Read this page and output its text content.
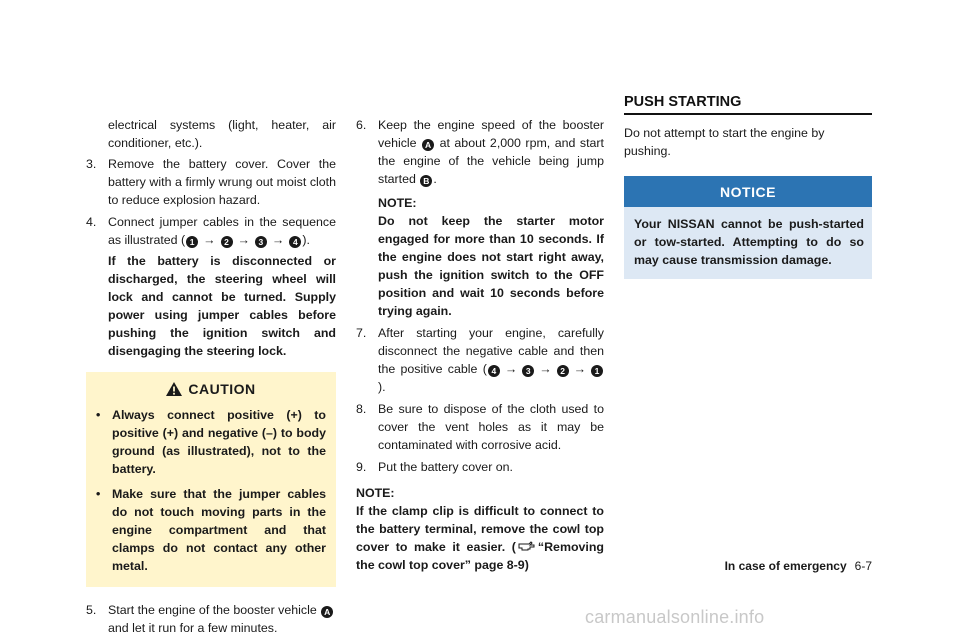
electrical systems (light, heater, air conditioner, etc.).

3. Remove the battery cover. Cover the battery with a firmly wrung out moist cloth to reduce explosion hazard.
4. Connect jumper cables in the sequence as illustrated ( 1 → 2 → 3 → 4 ).
If the battery is disconnected or discharged, the steering wheel will lock and cannot be turned. Supply power using jumper cables before pushing the ignition switch and disengaging the steering lock.
CAUTION
• Always connect positive (+) to positive (+) and negative (–) to body ground (as illustrated), not to the battery.
• Make sure that the jumper cables do not touch moving parts in the engine compartment and that clamps do not contact any other metal.
5. Start the engine of the booster vehicle A and let it run for a few minutes.
6. Keep the engine speed of the booster vehicle A at about 2,000 rpm, and start the engine of the vehicle being jump started B .
NOTE:
Do not keep the starter motor engaged for more than 10 seconds. If the engine does not start right away, push the ignition switch to the OFF position and wait 10 seconds before trying again.
7. After starting your engine, carefully disconnect the negative cable and then the positive cable ( 4 → 3 → 2 → 1).
8. Be sure to dispose of the cloth used to cover the vent holes as it may be contaminated with corrosive acid.
9. Put the battery cover on.
NOTE:
If the clamp clip is difficult to connect to the battery terminal, remove the cowl top cover to make it easier. ( “Removing the cowl top cover” page 8-9)
PUSH STARTING

Do not attempt to start the engine by pushing.

NOTICE
Your NISSAN cannot be push-started or tow-started. Attempting to do so may cause transmission damage.
In case of emergency 6-7
carmanualsonline.info
